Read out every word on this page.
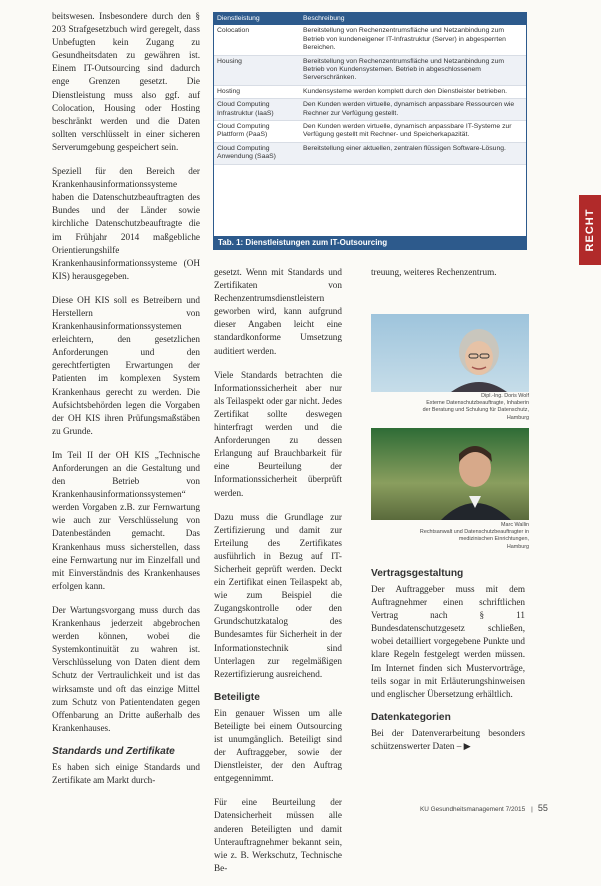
beitswesen. Insbesondere durch den § 203 Strafgesetzbuch wird geregelt, dass Unbefugten kein Zugang zu Gesundheitsdaten zu gewähren ist. Einem IT-Outsourcing sind dadurch enge Grenzen gesetzt. Die Dienstleistung muss also ggf. auf Colocation, Housing oder Hosting beschränkt werden und die Daten sollten verschlüsselt in einer sicheren Serverumgebung gespeichert sein.

Speziell für den Bereich der Krankenhausinformationssysteme haben die Datenschutzbeauftragten des Bundes und der Länder sowie kirchliche Datenschutzbeauftragte die im Frühjahr 2014 maßgebliche Orientierungshilfe Krankenhausinformationssysteme (OH KIS) herausgegeben.

Diese OH KIS soll es Betreibern und Herstellern von Krankenhausinformationssystemen erleichtern, den gesetzlichen Anforderungen und den gerechtfertigten Erwartungen der Patienten im komplexen System Krankenhaus gerecht zu werden. Die Aufsichtsbehörden legen die Vorgaben der OH KIS ihren Prüfungsmaßstäben zu Grunde.

Im Teil II der OH KIS „Technische Anforderungen an die Gestaltung und den Betrieb von Krankenhausinformationssystemen“ werden Vorgaben z.B. zur Fernwartung wie auch zur Verschlüsselung von Datenbeständen gemacht. Das Krankenhaus muss sicherstellen, dass eine Fernwartung nur im Einzelfall und mit Einverständnis des Krankenhauses erfolgen kann.

Der Wartungsvorgang muss durch das Krankenhaus jederzeit abgebrochen werden können, wobei die Systemkontinuität zu wahren ist. Verschlüsselung von Daten dient dem Schutz der Vertraulichkeit und ist das wirksamste und oft das einzige Mittel zum Schutz von Patientendaten gegen Offenbarung an Dritte außerhalb des Krankenhauses.

Standards und Zertifikate

Es haben sich einige Standards und Zertifikate am Markt durch-

Dienstleistung	Beschreibung
Colocation	Bereitstellung von Rechenzentrumsfläche und Netzanbindung zum Betrieb von kundeneigener IT-Infrastruktur (Server) in abgesperrten Bereichen.
Housing	Bereitstellung von Rechenzentrumsfläche und Netzanbindung zum Betrieb von Kundensystemen. Betrieb in abgeschlossenem Serverschränken.
Hosting	Kundensysteme werden komplett durch den Dienstleister betrieben.
Cloud Computing Infrastruktur (IaaS)	Den Kunden werden virtuelle, dynamisch anpassbare Ressourcen wie Rechner zur Verfügung gestellt.
Cloud Computing Plattform (PaaS)	Den Kunden werden virtuelle, dynamisch anpassbare IT-Systeme zur Verfügung gestellt mit Rechner- und Speicherkapazität.
Cloud Computing Anwendung (SaaS)	Bereitstellung einer aktuellen, zentralen flüssigen Software-Lösung.
Tab. 1: Dienstleistungen zum IT-Outsourcing	RECHT

gesetzt. Wenn mit Standards und Zertifikaten von Rechenzentrumsdienstleistern geworben wird, kann aufgrund dieser Angaben leicht eine standardkonforme Umsetzung auditiert werden.

Viele Standards betrachten die Informationssicherheit aber nur als Teilaspekt oder gar nicht. Jedes Zertifikat sollte deswegen hinterfragt werden und die Anforderungen zu dessen Erlangung auf Brauchbarkeit für eine Beurteilung der Informationssicherheit überprüft werden.

Dazu muss die Grundlage zur Zertifizierung und damit zur Erteilung des Zertifikates ausführlich in Bezug auf IT-Sicherheit geprüft werden. Deckt ein Zertifikat einen Teilaspekt ab, wie zum Beispiel die Zugangskontrolle oder den Grundschutzkatalog des Bundesamtes für Sicherheit in der Informationstechnik sind Unterlagen zur regelmäßigen Rezertifizierung ausreichend.

Beteiligte

Ein genauer Wissen um alle Beteiligte bei einem Outsourcing ist unumgänglich. Beteiligt sind der Auftraggeber, sowie der Dienstleister, der den Auftrag entgegennimmt.

Für eine Beurteilung der Datensicherheit müssen alle anderen Beteiligten und damit Unterauftragnehmer bekannt sein, wie z. B. Werkschutz, Technische Be-

treuung, weiteres Rechenzentrum.

Dipl.-Ing. Doris Wolf
Externe Datenschutzbeauftragte, Inhaberin
der Beratung und Schulung für Datenschutz,
Hamburg
Marc Wallin
Rechtsanwalt und Datenschutzbeauftragter in
medizinischen Einrichtungen,
Hamburg
Vertragsgestaltung

Der Auftraggeber muss mit dem Auftragnehmer einen schriftlichen Vertrag nach § 11 Bundesdatenschutzgesetz schließen, wobei detailliert vorgegebene Punkte und klare Regeln festgelegt werden müssen. Im Internet finden sich Mustervorträge, teils sogar in mit Erläuterungshinweisen und englischer Übersetzung erhältlich.

Datenkategorien

Bei der Datenverarbeitung besonders schützenswerter Daten – ▶

KU Gesundheitsmanagement 7/2015 | 55
